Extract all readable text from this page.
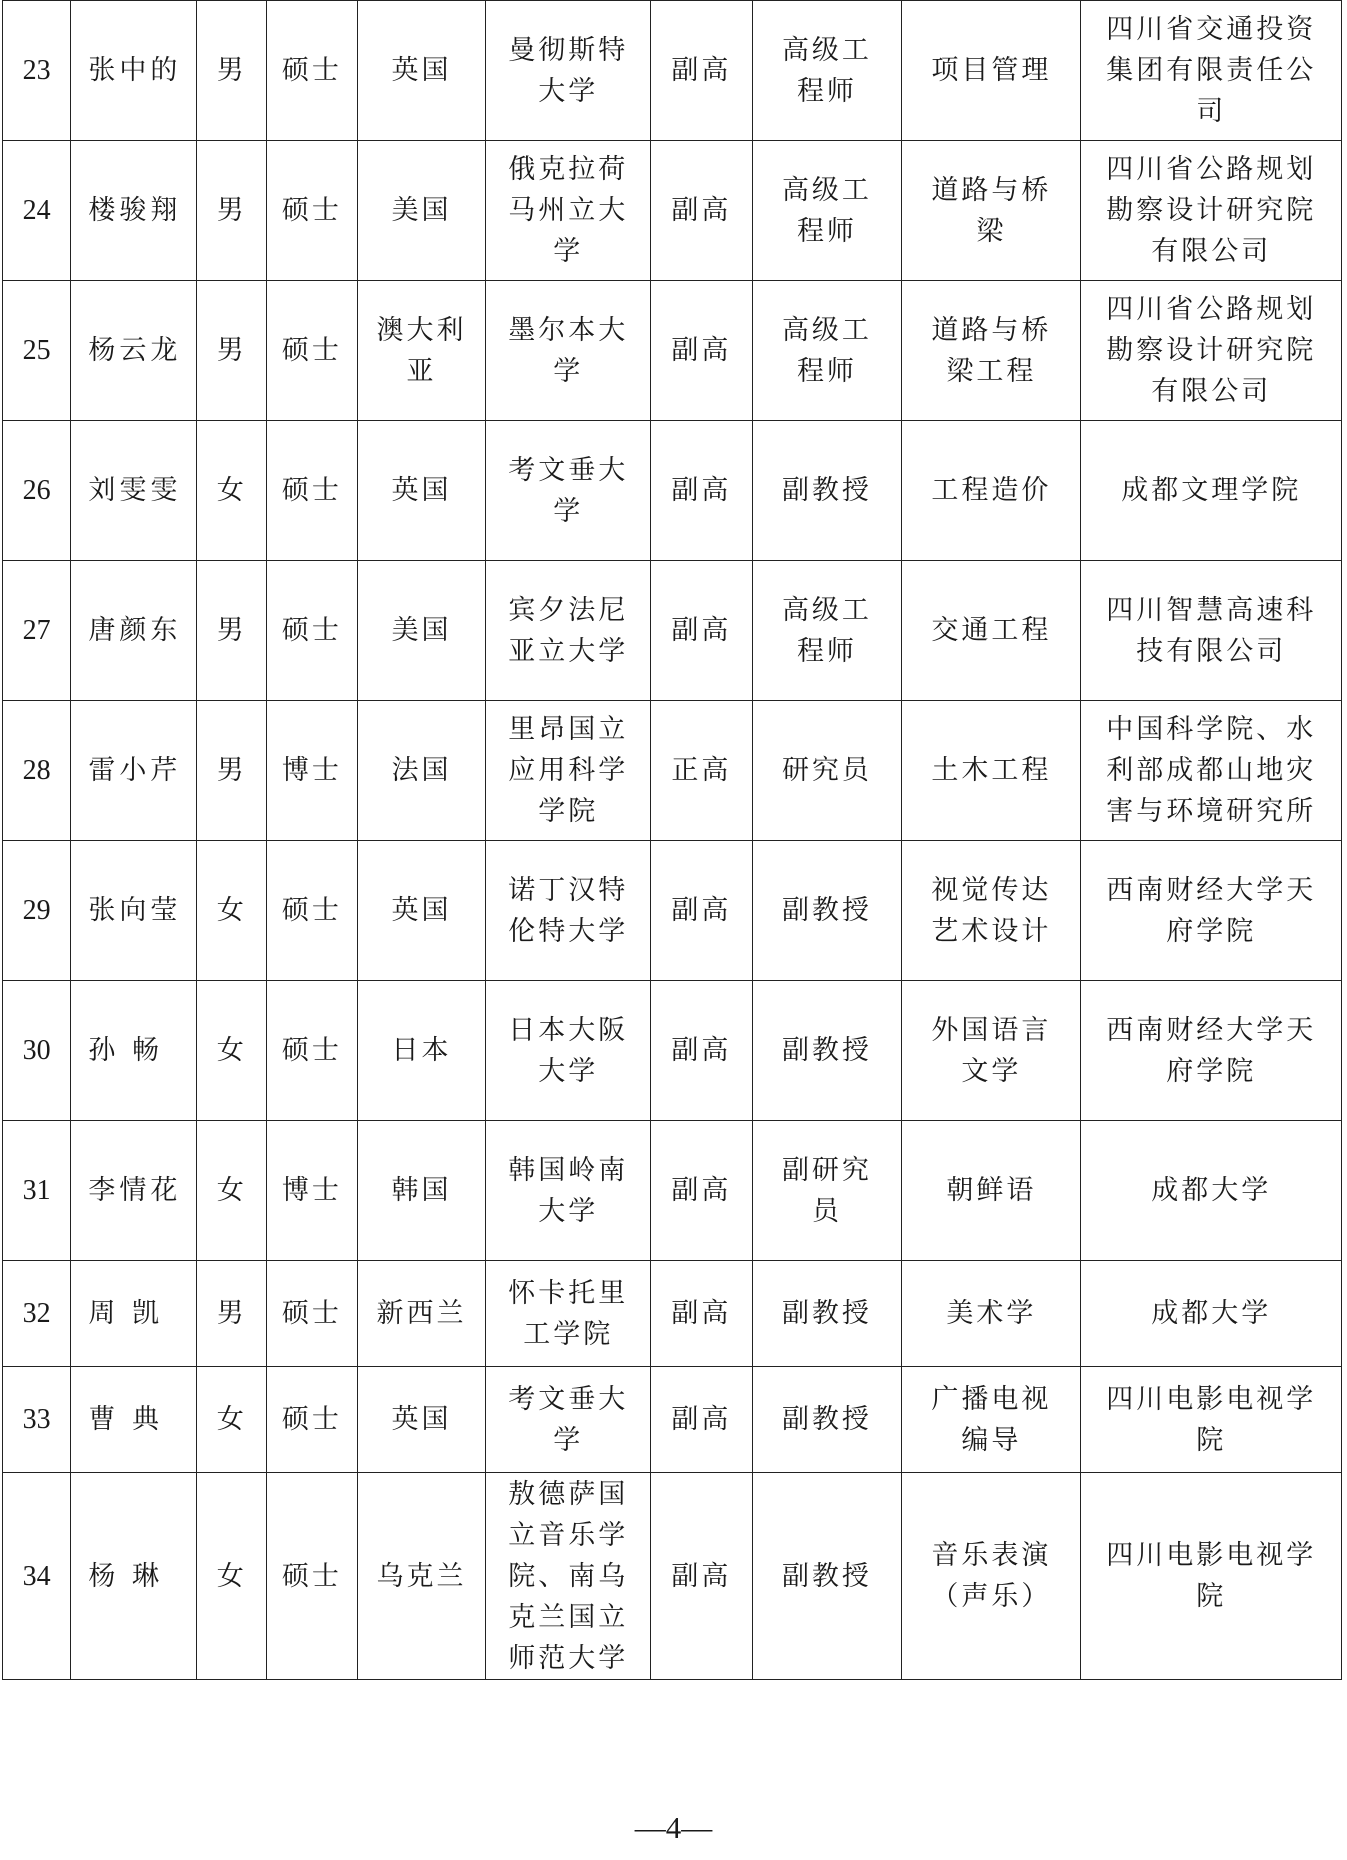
23	张中的	男	硕士	英国	曼彻斯特大学	副高	高级工程师	项目管理	四川省交通投资集团有限责任公司
24	楼骏翔	男	硕士	美国	俄克拉荷马州立大学	副高	高级工程师	道路与桥梁	四川省公路规划勘察设计研究院有限公司
25	杨云龙	男	硕士	澳大利亚	墨尔本大学	副高	高级工程师	道路与桥梁工程	四川省公路规划勘察设计研究院有限公司
26	刘雯雯	女	硕士	英国	考文垂大学	副高	副教授	工程造价	成都文理学院
27	唐颜东	男	硕士	美国	宾夕法尼亚立大学	副高	高级工程师	交通工程	四川智慧高速科技有限公司
28	雷小芹	男	博士	法国	里昂国立应用科学学院	正高	研究员	土木工程	中国科学院、水利部成都山地灾害与环境研究所
29	张向莹	女	硕士	英国	诺丁汉特伦特大学	副高	副教授	视觉传达艺术设计	西南财经大学天府学院
30	孙 畅	女	硕士	日本	日本大阪大学	副高	副教授	外国语言文学	西南财经大学天府学院
31	李情花	女	博士	韩国	韩国岭南大学	副高	副研究员	朝鲜语	成都大学
32	周 凯	男	硕士	新西兰	怀卡托里工学院	副高	副教授	美术学	成都大学
33	曹 典	女	硕士	英国	考文垂大学	副高	副教授	广播电视编导	四川电影电视学院
34	杨 琳	女	硕士	乌克兰	敖德萨国立音乐学院、南乌克兰国立师范大学	副高	副教授	音乐表演（声乐）	四川电影电视学院
—4—
